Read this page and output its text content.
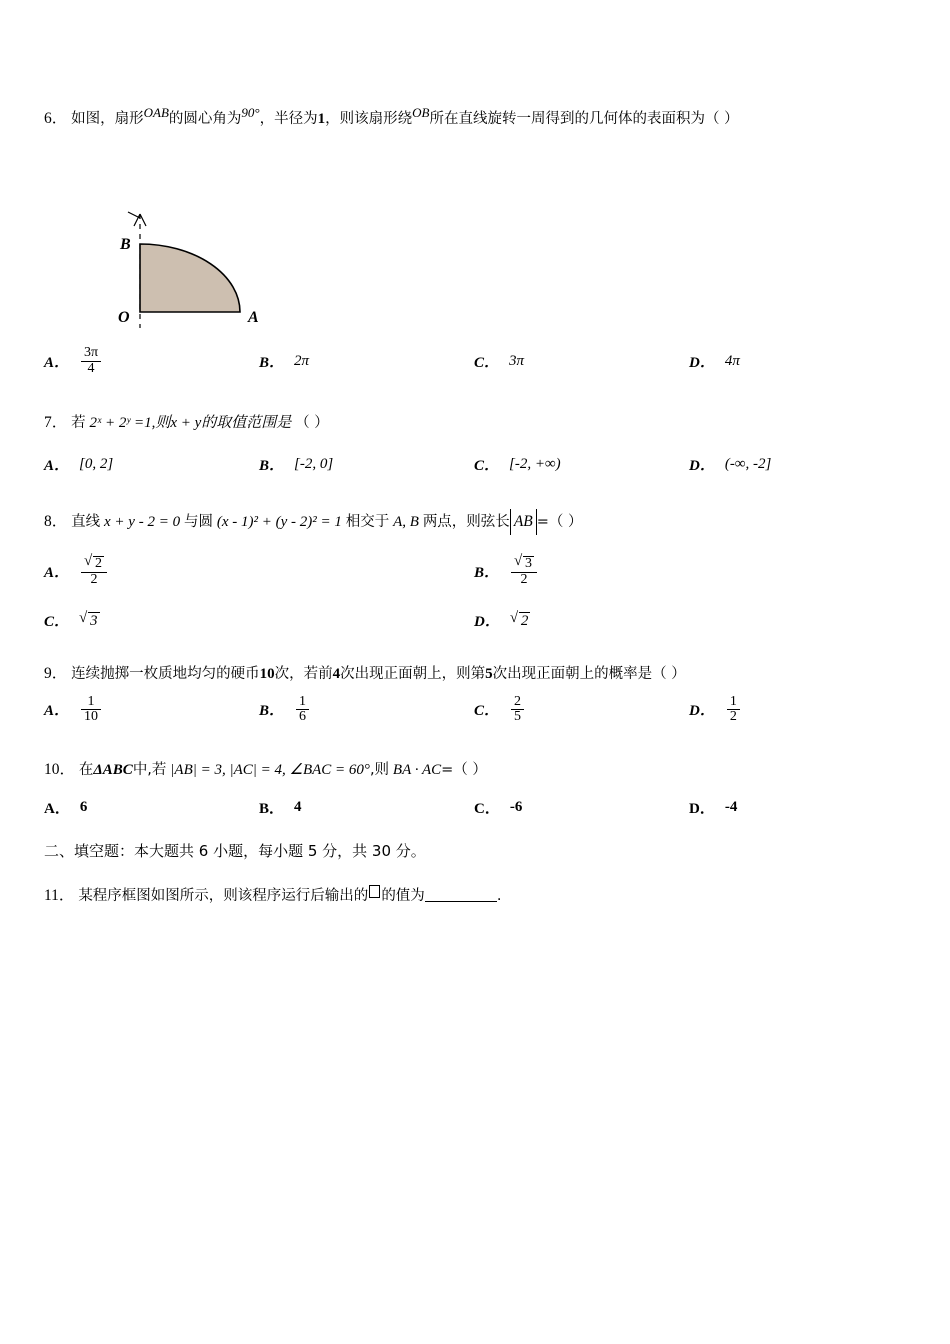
6． 如图，扇形$^{OAB}$的圆心角为$^{90^\circ}$，半径为1，则该扇形绕$^{OB}$所在直线旋转一周得到的几何体的表面积为（ ）
B
O	A
A． $\frac{3\pi}{4}$	B． 2π	C． 3π	D． 4π
7． 若 2ˣ + 2ʸ =1,则x + y的取值范围是 （ ）
A． [0, 2]	B． [-2, 0]	C． [-2, +∞)	D． (-∞, -2]
8． 直线 x + y - 2 = 0 与圆 (x - 1)² + (y - 2)² = 1 相交于 A, B 两点，则弦长 AB =（ ）
A． √ $\frac{2}{2}$	B． √ $\frac{3}{2}$
C．	√ 3	D．	√ 2
9． 连续抛掷一枚质地均匀的硬币10次，若前4次出现正面朝上，则第5次出现正面朝上的概率是（ ）
A． $\frac{1}{10}$	B． $\frac{1}{6}$	C． $\frac{2}{5}$	D． $\frac{1}{2}$
10． 在ΔABC中,若 |AB| = 3, |AC| = 4, ∠BAC = 60°,则 BA · AC=（ ）
A． 6	B． 4	C． -6	D． -4
二、填空题：本大题共 6 小题，每小题 5 分，共 30 分。
11． 某程序框图如图所示，则该程序运行后输出的 的值为	.
